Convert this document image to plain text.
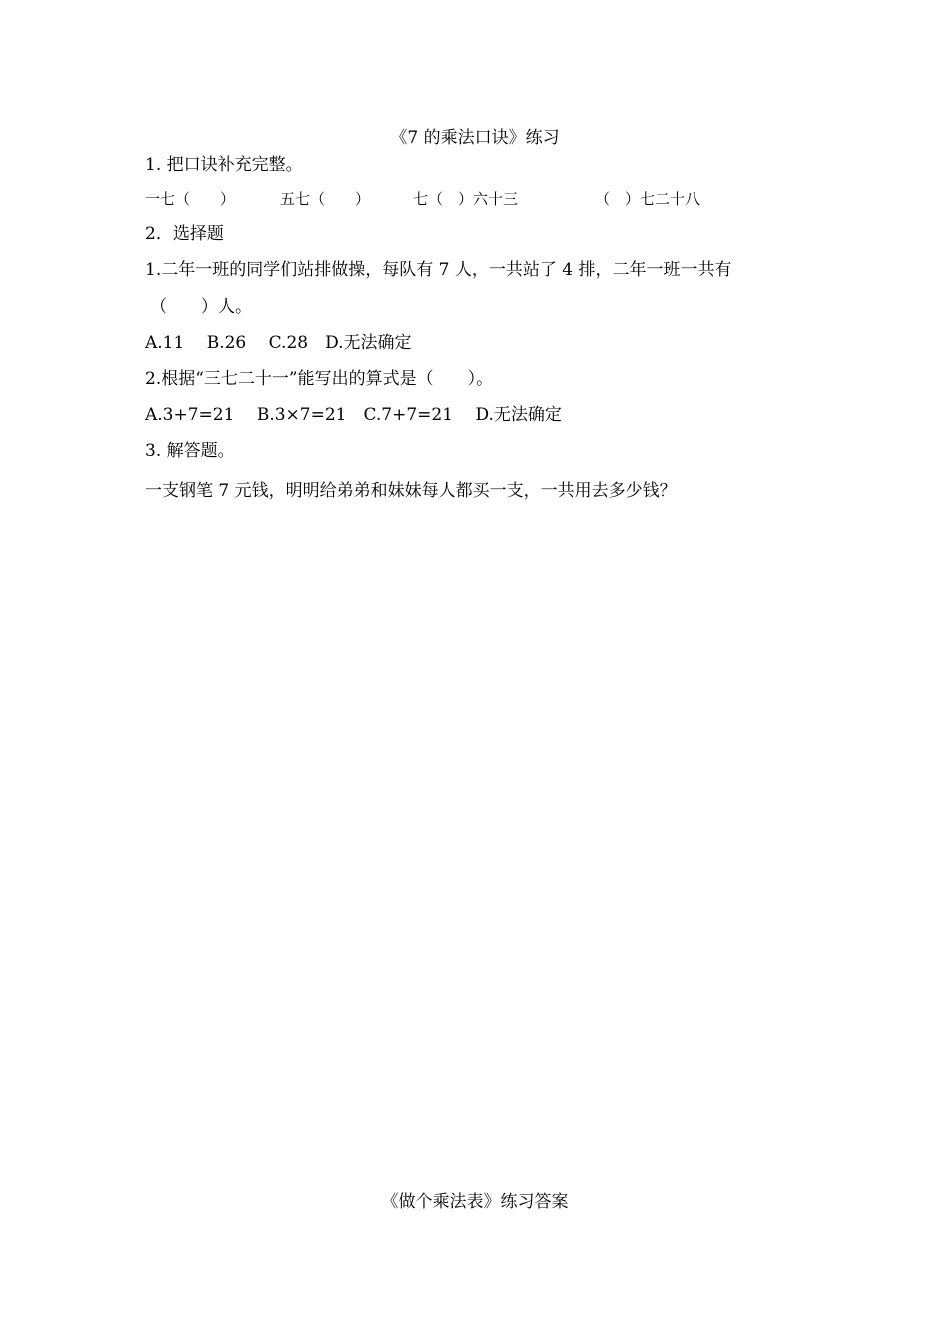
《7 的乘法口诀》练习
1. 把口诀补充完整。
一七（　　）	五七（　　）	七（　）六十三	（　）七二十八
2．选择题
1.二年一班的同学们站排做操，每队有 7 人，一共站了 4 排，二年一班一共有
（　　）人。
A.11　 B.26　 C.28　D.无法确定
2.根据“三七二十一”能写出的算式是（　　）。
A.3+7=21　 B.3×7=21　C.7+7=21　 D.无法确定
3. 解答题。
一支钢笔 7 元钱，明明给弟弟和妹妹每人都买一支，一共用去多少钱？
《做个乘法表》练习答案
